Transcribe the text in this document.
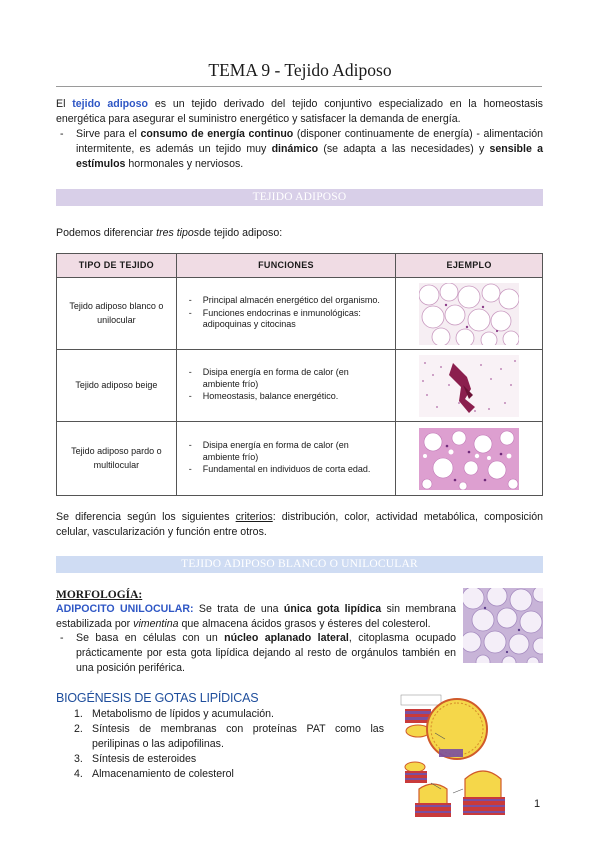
TEMA 9 - Tejido Adiposo
El tejido adiposo es un tejido derivado del tejido conjuntivo especializado en la homeostasis energética para asegurar el suministro energético y satisfacer la demanda de energía.
- Sirve para el consumo de energía continuo (disponer continuamente de energía) - alimentación intermitente, es además un tejido muy dinámico (se adapta a las necesidades) y sensible a estímulos hormonales y nerviosos.
TEJIDO ADIPOSO
Podemos diferenciar tres tiposde tejido adiposo:
TIPO DE TEJIDO	FUNCIONES	EJEMPLO
Tejido adiposo blanco o unilocular	- Principal almacén energético del organismo.
- Funciones endocrinas e inmunológicas: adipoquinas y citocinas

Tejido adiposo beige	- Disipa energía en forma de calor (en ambiente frío)
- Homeostasis, balance energético.

Tejido adiposo pardo o multilocular	- Disipa energía en forma de calor (en ambiente frío)
- Fundamental en individuos de corta edad.

Se diferencia según los siguientes criterios: distribución, color, actividad metabólica, composición celular, vascularización y función entre otros.
TEJIDO ADIPOSO BLANCO O UNILOCULAR
MORFOLOGÍA:
ADIPOCITO UNILOCULAR: Se trata de una única gota lipídica sin membrana estabilizada por vimentina que almacena ácidos grasos y ésteres del colesterol.
- Se basa en células con un núcleo aplanado lateral, citoplasma ocupado prácticamente por esta gota lipídica dejando al resto de orgánulos también en una posición periférica.
BIOGÉNESIS DE GOTAS LIPÍDICAS
1. Metabolismo de lípidos y acumulación.
2. Síntesis de membranas con proteínas PAT como las perilipinas o las adipofilinas.
3. Síntesis de esteroides
4. Almacenamiento de colesterol
1
